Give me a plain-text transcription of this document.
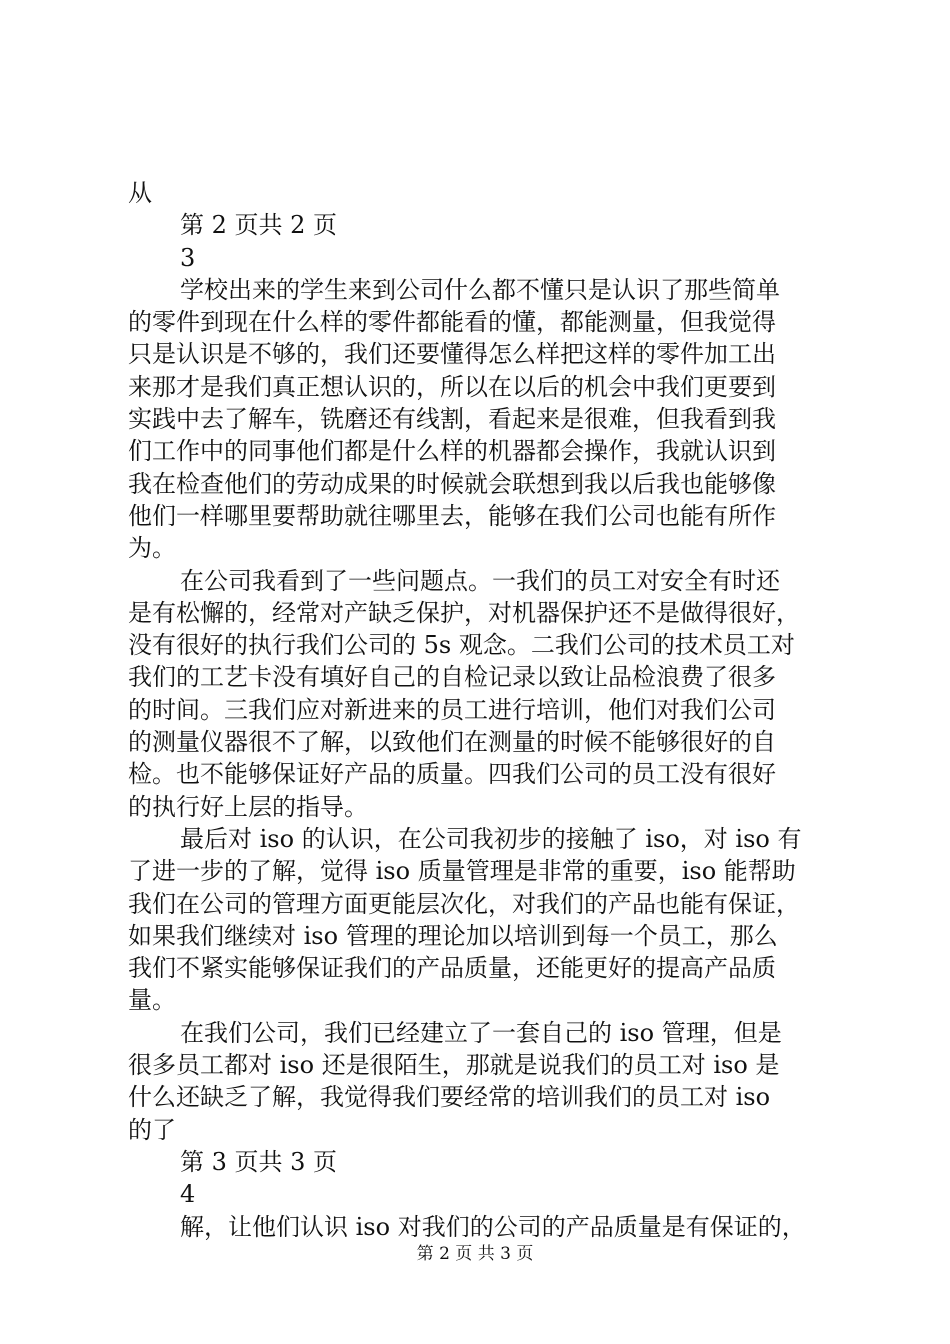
从
第 2 页共 2 页
3
学校出来的学生来到公司什么都不懂只是认识了那些简单
的零件到现在什么样的零件都能看的懂，都能测量，但我觉得
只是认识是不够的，我们还要懂得怎么样把这样的零件加工出
来那才是我们真正想认识的，所以在以后的机会中我们更要到
实践中去了解车，铣磨还有线割，看起来是很难，但我看到我
们工作中的同事他们都是什么样的机器都会操作，我就认识到
我在检查他们的劳动成果的时候就会联想到我以后我也能够像
他们一样哪里要帮助就往哪里去，能够在我们公司也能有所作
为。
在公司我看到了一些问题点。一我们的员工对安全有时还
是有松懈的，经常对产缺乏保护，对机器保护还不是做得很好，
没有很好的执行我们公司的 5s 观念。二我们公司的技术员工对
我们的工艺卡没有填好自己的自检记录以致让品检浪费了很多
的时间。三我们应对新进来的员工进行培训，他们对我们公司
的测量仪器很不了解，以致他们在测量的时候不能够很好的自
检。也不能够保证好产品的质量。四我们公司的员工没有很好
的执行好上层的指导。
最后对 iso 的认识，在公司我初步的接触了 iso，对 iso 有
了进一步的了解，觉得 iso 质量管理是非常的重要，iso 能帮助
我们在公司的管理方面更能层次化，对我们的产品也能有保证，
如果我们继续对 iso 管理的理论加以培训到每一个员工，那么
我们不紧实能够保证我们的产品质量，还能更好的提高产品质
量。
在我们公司，我们已经建立了一套自己的 iso 管理，但是
很多员工都对 iso 还是很陌生，那就是说我们的员工对 iso 是
什么还缺乏了解，我觉得我们要经常的培训我们的员工对 iso
的了
第 3 页共 3 页
4
解，让他们认识 iso 对我们的公司的产品质量是有保证的，
第 2 页 共 3 页
